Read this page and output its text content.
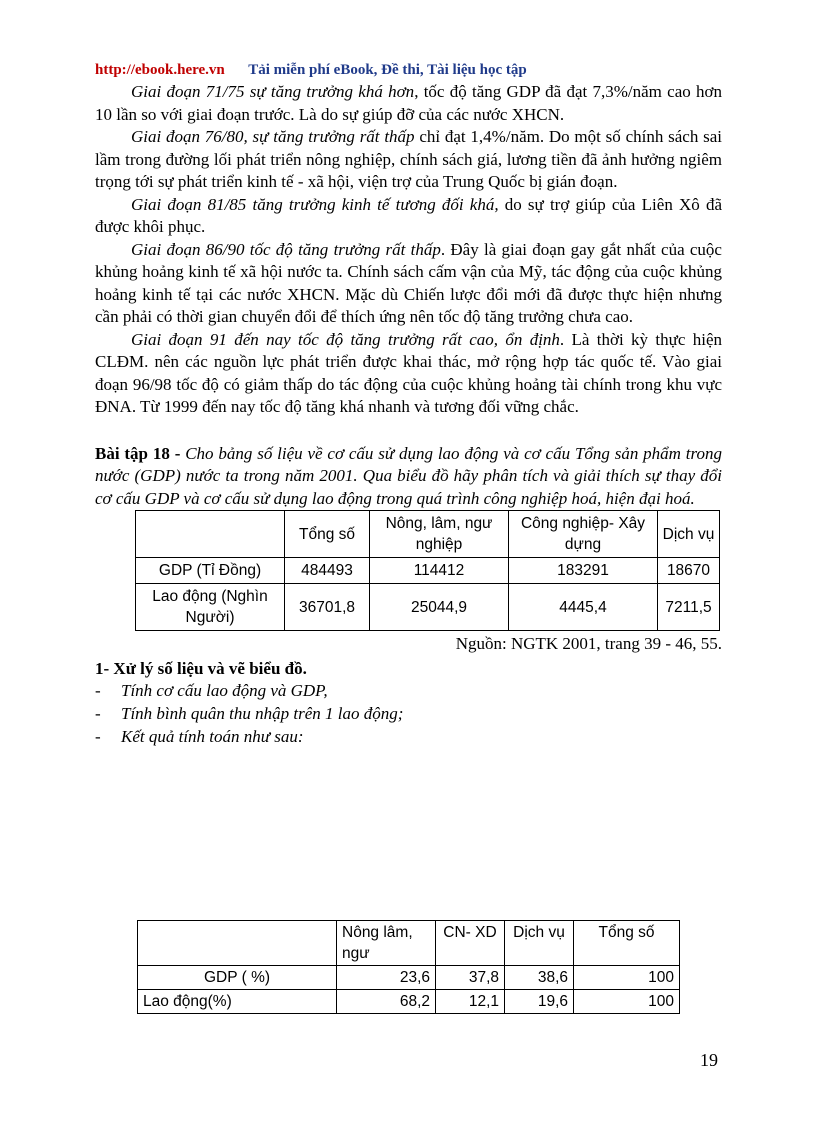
http://ebook.here.vn Tải miễn phí eBook, Đề thi, Tài liệu học tập

Giai đoạn 71/75 sự tăng trưởng khá hơn, tốc độ tăng GDP đã đạt 7,3%/năm cao hơn 10 lần so với giai đoạn trước. Là do sự giúp đỡ của các nước XHCN.

Giai đoạn 76/80, sự tăng trưởng rất thấp chỉ đạt 1,4%/năm. Do một số chính sách sai lầm trong đường lối phát triển nông nghiệp, chính sách giá, lương tiền đã ảnh hưởng ngiêm trọng tới sự phát triển kinh tế - xã hội, viện trợ của Trung Quốc bị gián đoạn.

Giai đoạn 81/85 tăng trưởng kinh tế tương đối khá, do sự trợ giúp của Liên Xô đã được khôi phục.

Giai đoạn 86/90 tốc độ tăng trưởng rất thấp. Đây là giai đoạn gay gắt nhất của cuộc khủng hoảng kinh tế xã hội nước ta. Chính sách cấm vận của Mỹ, tác động của cuộc khủng hoảng kinh tế tại các nước XHCN. Mặc dù Chiến lược đổi mới đã được thực hiện nhưng cần phải có thời gian chuyển đổi để thích ứng nên tốc độ tăng trưởng chưa cao.

Giai đoạn 91 đến nay tốc độ tăng trưởng rất cao, ổn định. Là thời kỳ thực hiện CLĐM. nên các nguồn lực phát triển được khai thác, mở rộng hợp tác quốc tế. Vào giai đoạn 96/98 tốc độ có giảm thấp do tác động của cuộc khủng hoảng tài chính trong khu vực ĐNA. Từ 1999 đến nay tốc độ tăng khá nhanh và tương đối vững chắc.

Bài tập 18 - Cho bảng số liệu về cơ cấu sử dụng lao động và cơ cấu Tổng sản phẩm trong nước (GDP) nước ta trong năm 2001. Qua biểu đồ hãy phân tích và giải thích sự thay đổi cơ cấu GDP và cơ cấu sử dụng lao động trong quá trình công nghiệp hoá, hiện đại hoá.

	Tổng số	Nông, lâm, ngư nghiệp	Công nghiệp- Xây dựng	Dịch vụ
GDP (Tỉ Đồng)	484493	114412	183291	18670
Lao động (Nghìn Người)	36701,8	25044,9	4445,4	7211,5
Nguồn: NGTK 2001, trang 39 - 46, 55.
1- Xử lý số liệu và vẽ biểu đồ.
- Tính cơ cấu lao động và GDP,
- Tính bình quân thu nhập trên 1 lao động;
- Kết quả tính toán như sau:
	Nông lâm, ngư	CN- XD	Dịch vụ	Tổng số
GDP ( %)	23,6	37,8	38,6	100
Lao động(%)	68,2	12,1	19,6	100
19
